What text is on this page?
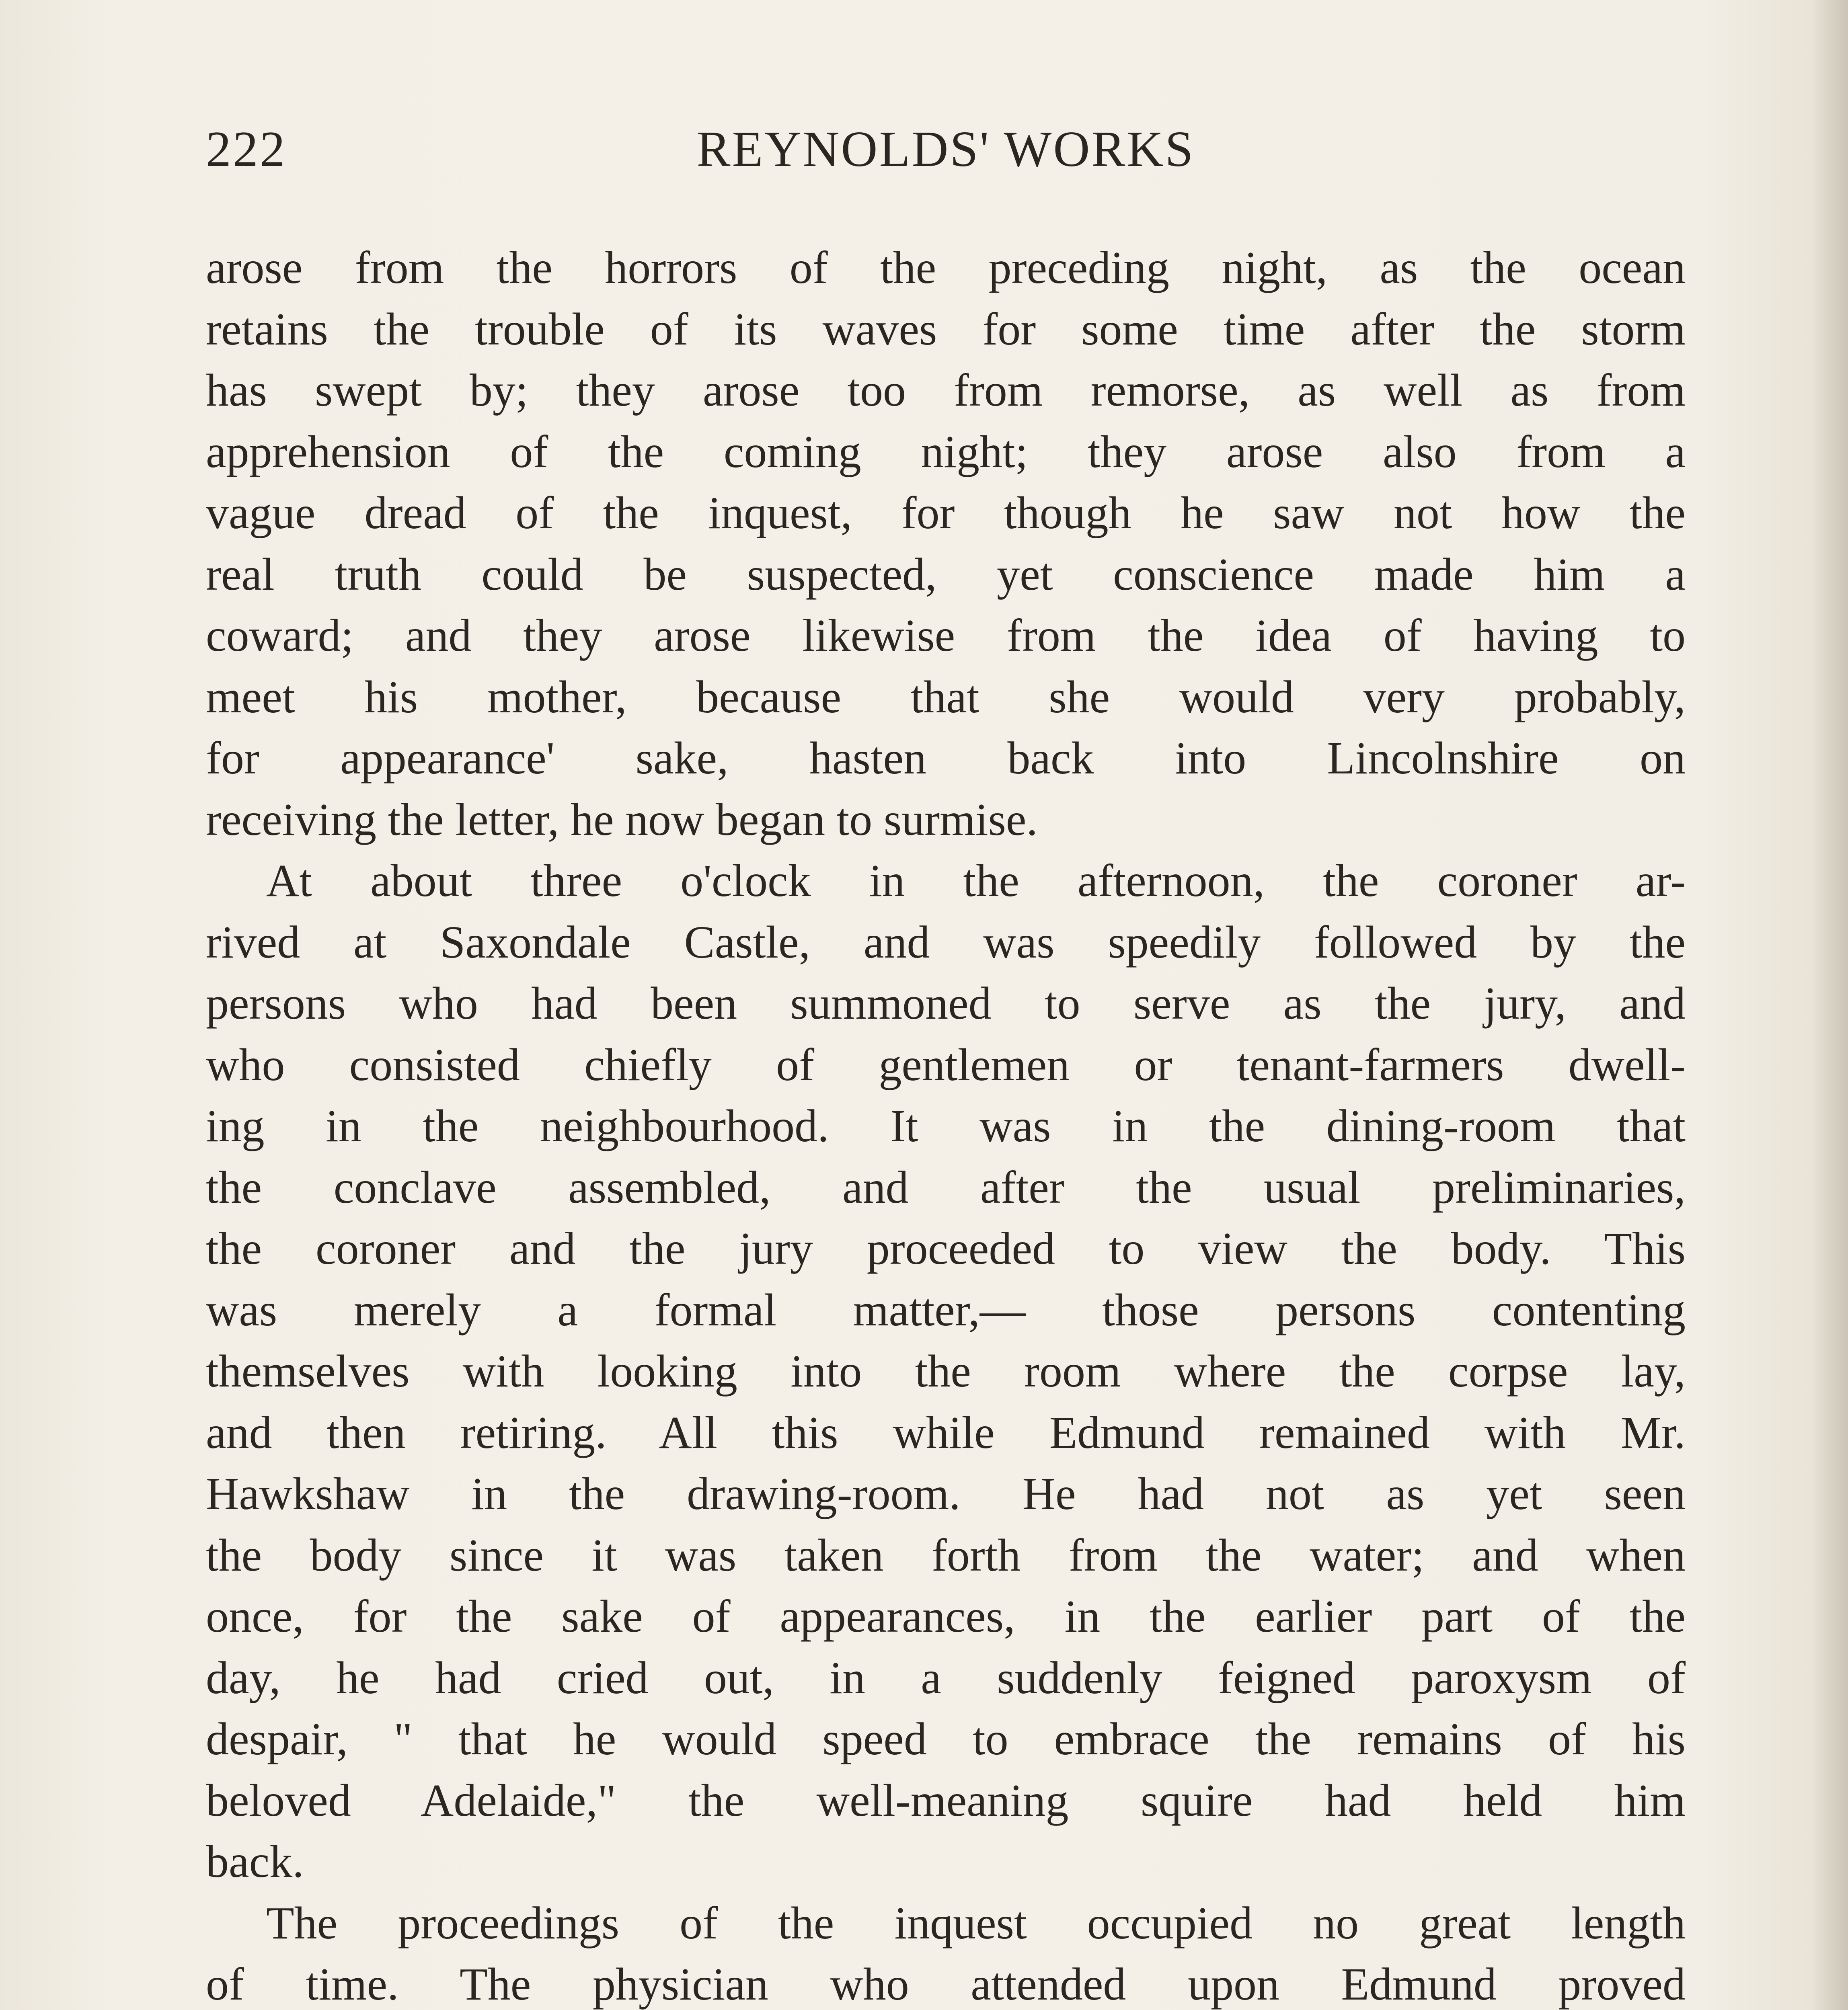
222	REYNOLDS' WORKS
arose from the horrors of the preceding night, as the ocean
retains the trouble of its waves for some time after the storm
has swept by; they arose too from remorse, as well as from
apprehension of the coming night; they arose also from a
vague dread of the inquest, for though he saw not how the
real truth could be suspected, yet conscience made him a
coward; and they arose likewise from the idea of having to
meet his mother, because that she would very probably,
for appearance' sake, hasten back into Lincolnshire on
receiving the letter, he now began to surmise.
At about three o'clock in the afternoon, the coroner ar-
rived at Saxondale Castle, and was speedily followed by the
persons who had been summoned to serve as the jury, and
who consisted chiefly of gentlemen or tenant-farmers dwell-
ing in the neighbourhood. It was in the dining-room that
the conclave assembled, and after the usual preliminaries,
the coroner and the jury proceeded to view the body. This
was merely a formal matter,— those persons contenting
themselves with looking into the room where the corpse lay,
and then retiring. All this while Edmund remained with Mr.
Hawkshaw in the drawing-room. He had not as yet seen
the body since it was taken forth from the water; and when
once, for the sake of appearances, in the earlier part of the
day, he had cried out, in a suddenly feigned paroxysm of
despair, " that he would speed to embrace the remains of his
beloved Adelaide," the well-meaning squire had held him
back.
The proceedings of the inquest occupied no great length
of time. The physician who attended upon Edmund proved
